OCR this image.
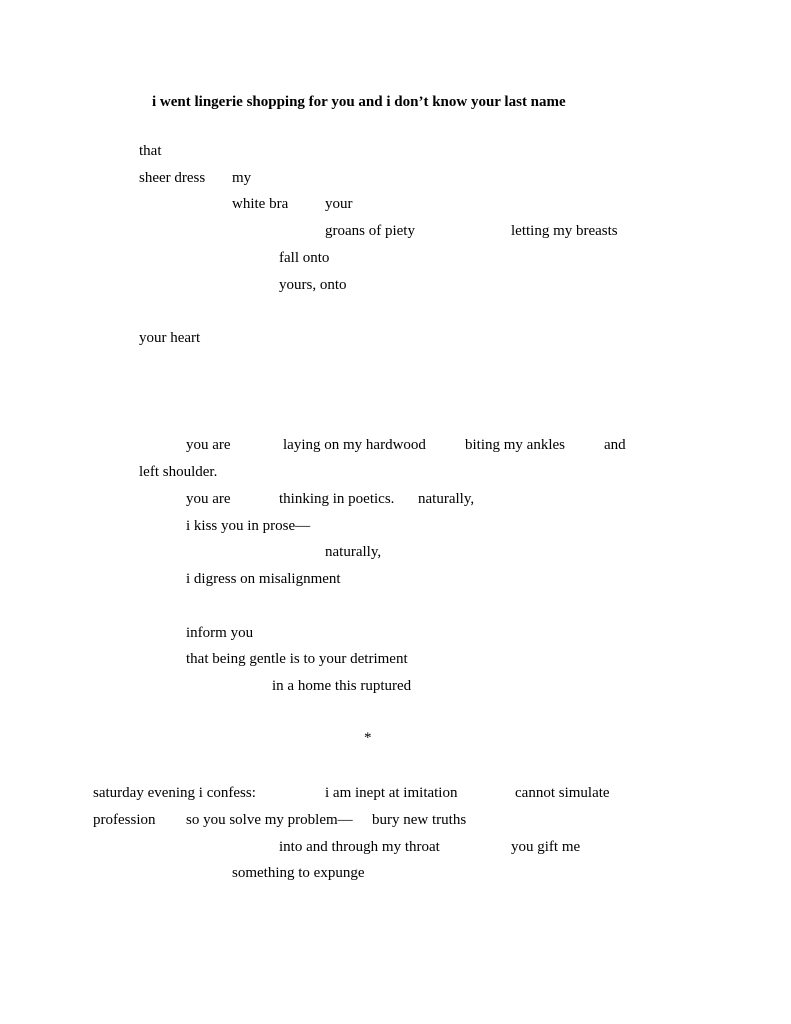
i went lingerie shopping for you and i don’t know your last name
that
sheer dress my
white bra your
groans of piety	letting my breasts
fall onto
yours, onto
your heart
you are	laying on my hardwood	biting my ankles	and
left shoulder.
you are	thinking in poetics. naturally,
i kiss you in prose—
naturally,
i digress on misalignment
inform you
that being gentle is to your detriment
in a home this ruptured
*
saturday evening i confess:	i am inept at imitation	cannot simulate
profession so you solve my problem— bury new truths
into and through my throat	you gift me
something to expunge
